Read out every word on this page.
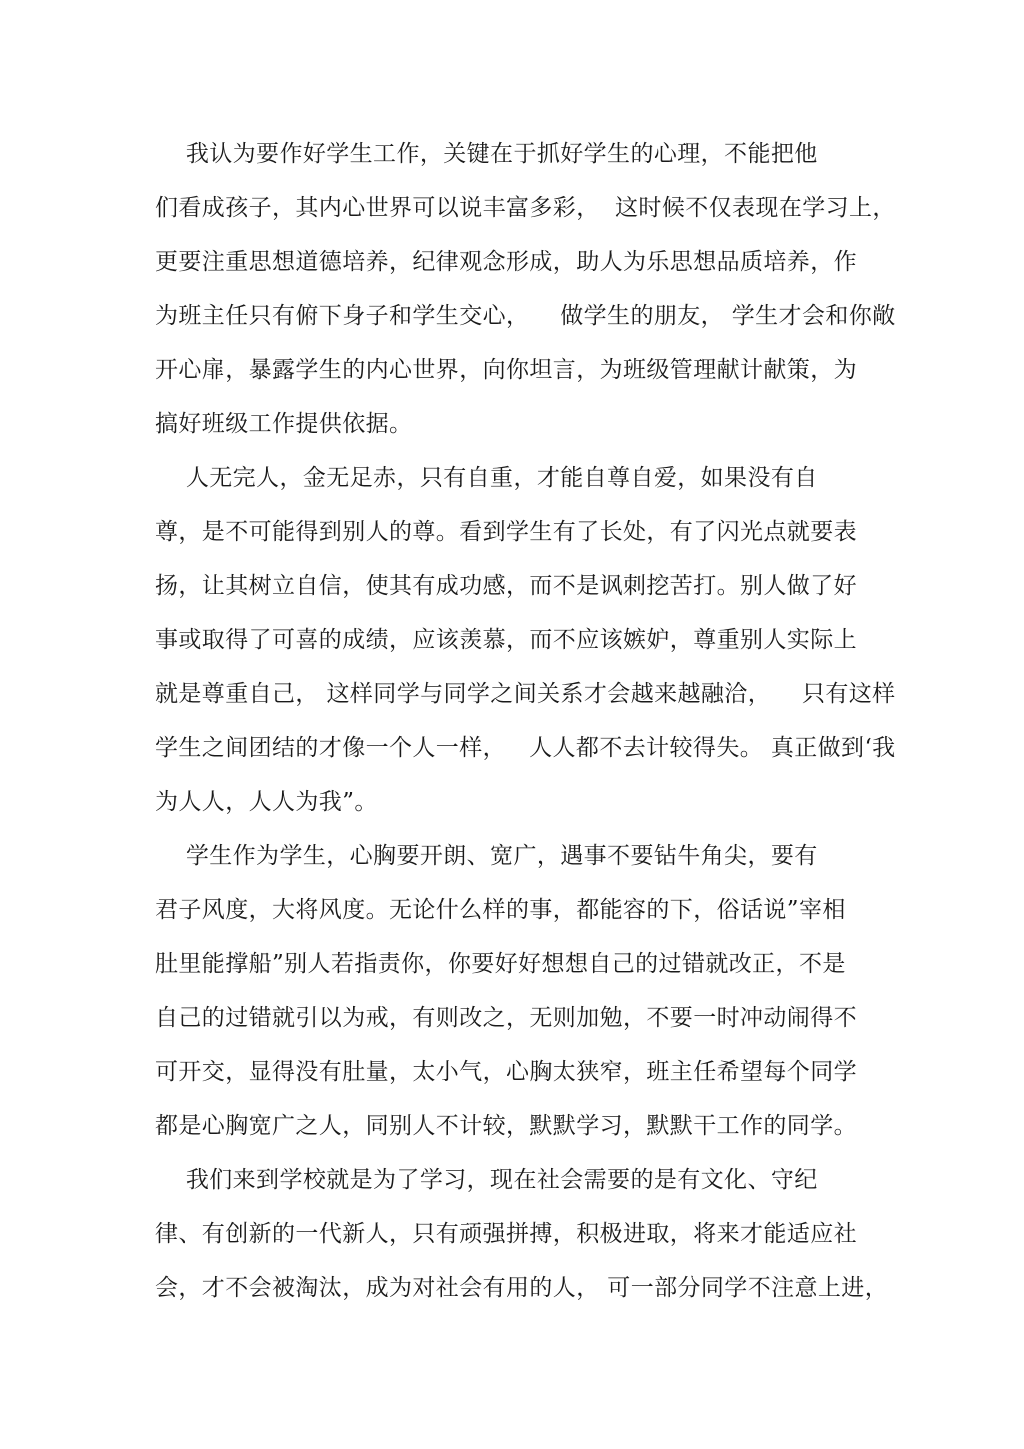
我认为要作好学生工作，关键在于抓好学生的心理，不能把他
们看成孩子，其内心世界可以说丰富多彩，  这时候不仅表现在学习上，
更要注重思想道德培养，纪律观念形成，助人为乐思想品质培养，作
为班主任只有俯下身子和学生交心，    做学生的朋友， 学生才会和你敞
开心扉，暴露学生的内心世界，向你坦言，为班级管理献计献策，为
搞好班级工作提供依据。
人无完人，金无足赤，只有自重，才能自尊自爱，如果没有自
尊，是不可能得到别人的尊。看到学生有了长处，有了闪光点就要表
扬，让其树立自信，使其有成功感，而不是讽刺挖苦打。别人做了好
事或取得了可喜的成绩，应该羡慕，而不应该嫉妒，尊重别人实际上
就是尊重自己， 这样同学与同学之间关系才会越来越融洽，    只有这样
学生之间团结的才像一个人一样，   人人都不去计较得失。 真正做到‘我
为人人，人人为我”。
学生作为学生，心胸要开朗、宽广，遇事不要钻牛角尖，要有
君子风度，大将风度。无论什么样的事，都能容的下，俗话说”宰相
肚里能撑船”别人若指责你，你要好好想想自己的过错就改正，不是
自己的过错就引以为戒，有则改之，无则加勉，不要一时冲动闹得不
可开交，显得没有肚量，太小气，心胸太狭窄，班主任希望每个同学
都是心胸宽广之人，同别人不计较，默默学习，默默干工作的同学。
我们来到学校就是为了学习，现在社会需要的是有文化、守纪
律、有创新的一代新人，只有顽强拼搏，积极进取，将来才能适应社
会，才不会被淘汰，成为对社会有用的人， 可一部分同学不注意上进，
